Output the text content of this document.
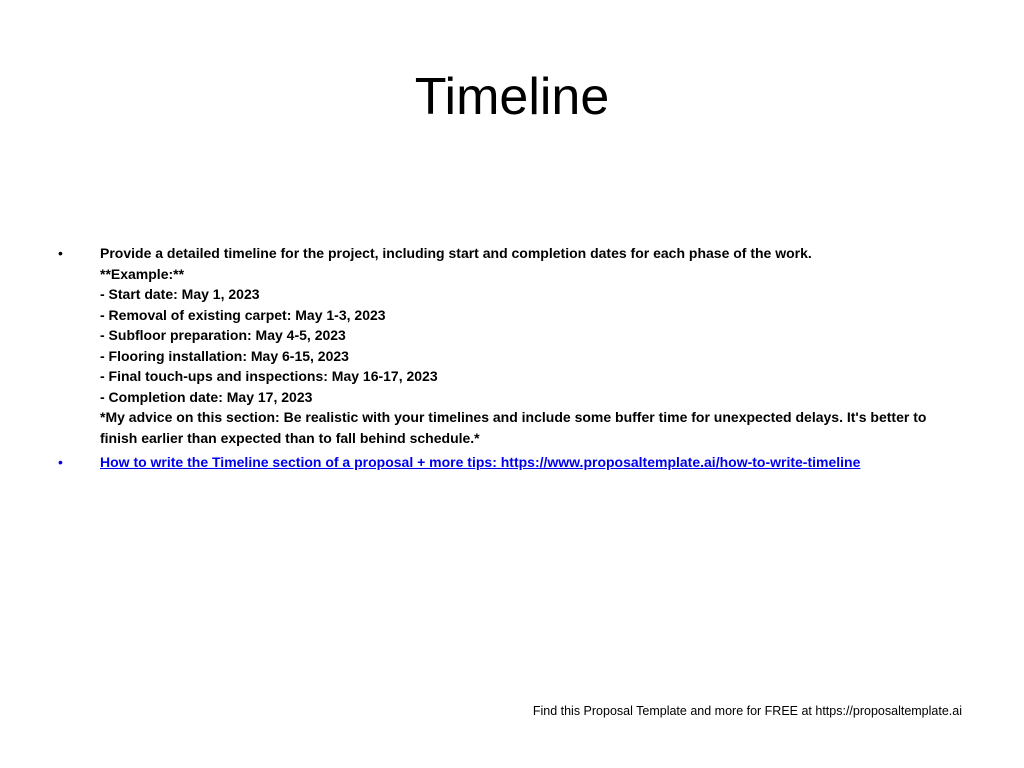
Timeline
•	Provide a detailed timeline for the project, including start and completion dates for each phase of the work.
**Example:**
- Start date: May 1, 2023
- Removal of existing carpet: May 1-3, 2023
- Subfloor preparation: May 4-5, 2023
- Flooring installation: May 6-15, 2023
- Final touch-ups and inspections: May 16-17, 2023
- Completion date: May 17, 2023
*My advice on this section: Be realistic with your timelines and include some buffer time for unexpected delays. It's better to finish earlier than expected than to fall behind schedule.*
•	How to write the Timeline section of a proposal + more tips: https://www.proposaltemplate.ai/how-to-write-timeline
Find this Proposal Template and more for FREE at https://proposaltemplate.ai
